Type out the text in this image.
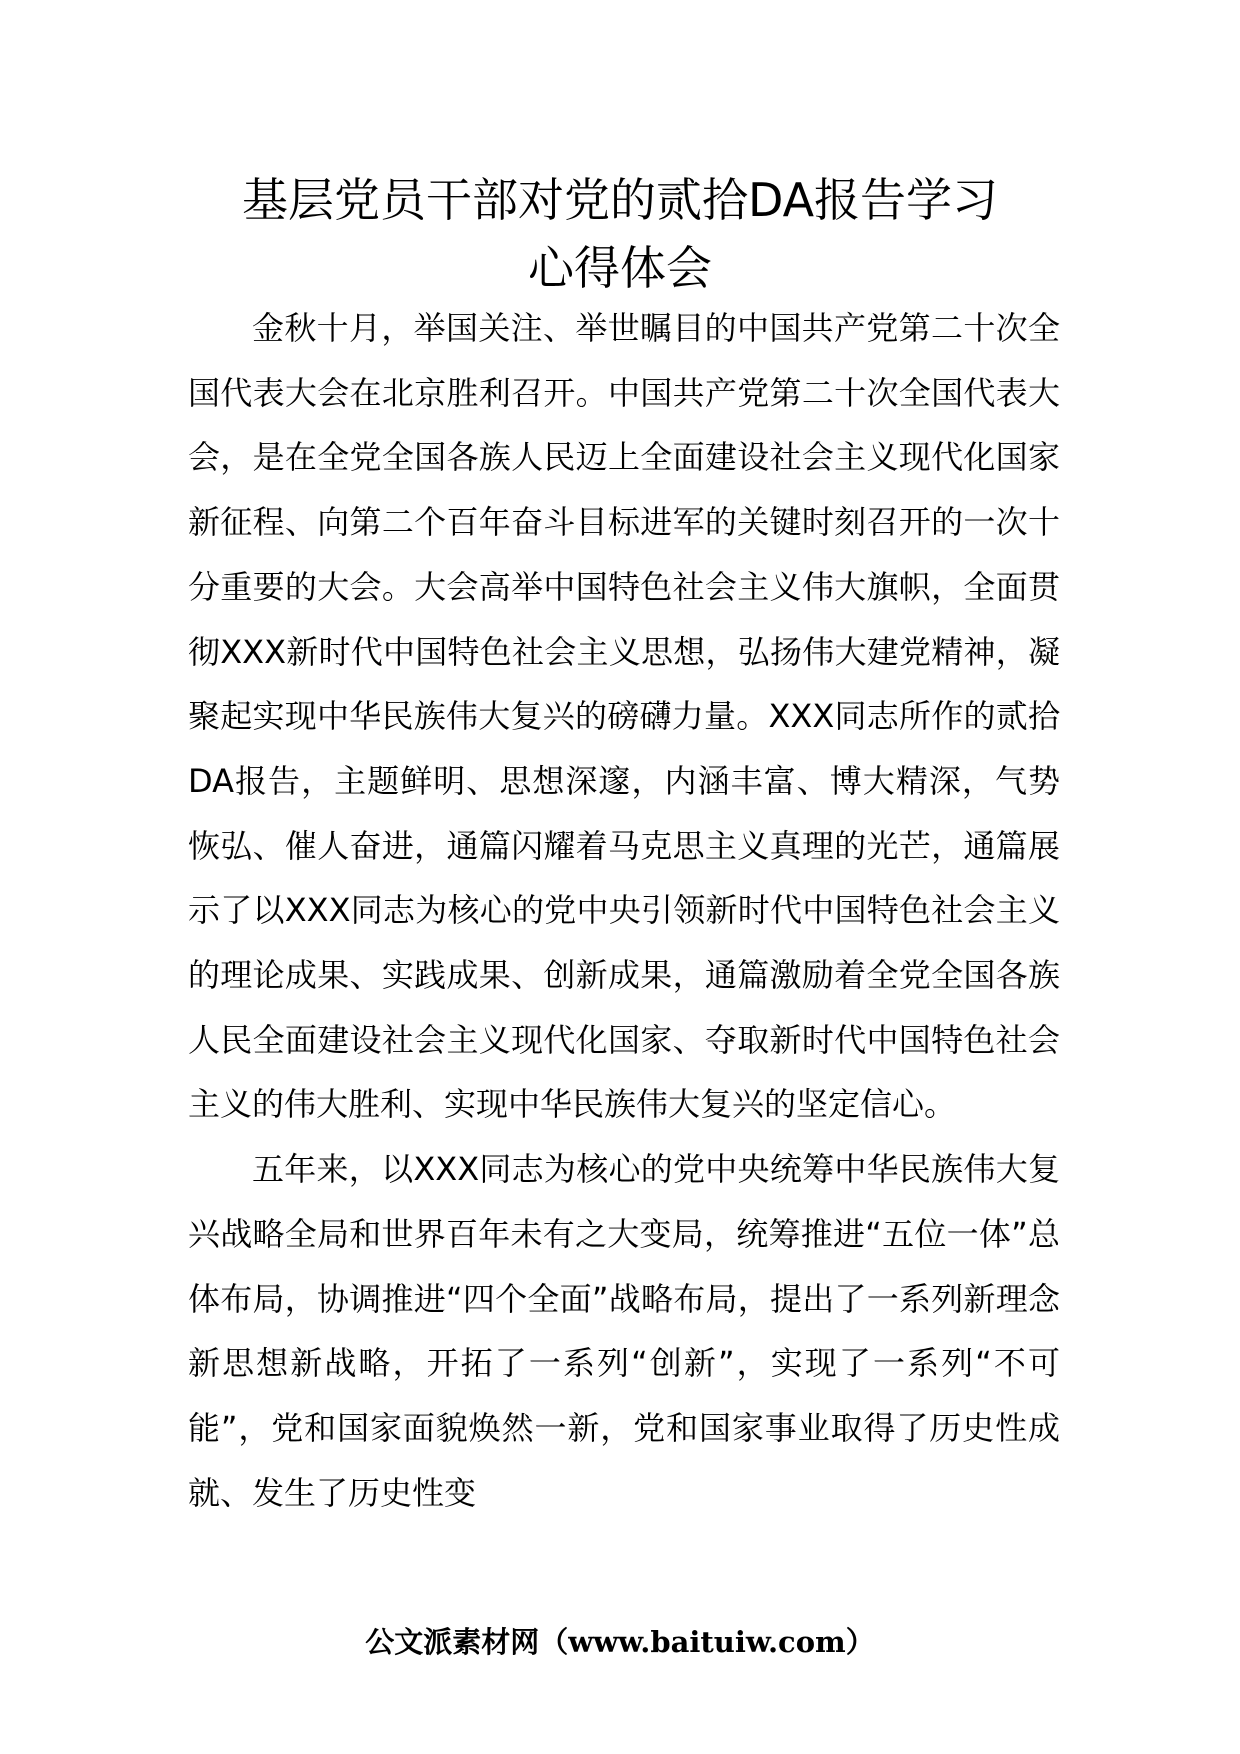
基层党员干部对党的贰拾DA报告学习
心得体会

金秋十月，举国关注、举世瞩目的中国共产党第二十次全国代表大会在北京胜利召开。中国共产党第二十次全国代表大会，是在全党全国各族人民迈上全面建设社会主义现代化国家新征程、向第二个百年奋斗目标进军的关键时刻召开的一次十分重要的大会。大会高举中国特色社会主义伟大旗帜，全面贯彻XXX新时代中国特色社会主义思想，弘扬伟大建党精神，凝聚起实现中华民族伟大复兴的磅礴力量。XXX同志所作的贰拾DA报告，主题鲜明、思想深邃，内涵丰富、博大精深，气势恢弘、催人奋进，通篇闪耀着马克思主义真理的光芒，通篇展示了以XXX同志为核心的党中央引领新时代中国特色社会主义的理论成果、实践成果、创新成果，通篇激励着全党全国各族人民全面建设社会主义现代化国家、夺取新时代中国特色社会主义的伟大胜利、实现中华民族伟大复兴的坚定信心。

五年来，以XXX同志为核心的党中央统筹中华民族伟大复兴战略全局和世界百年未有之大变局，统筹推进“五位一体”总体布局，协调推进“四个全面”战略布局，提出了一系列新理念新思想新战略，开拓了一系列“创新”，实现了一系列“不可能”，党和国家面貌焕然一新，党和国家事业取得了历史性成就、发生了历史性变

公文派素材网（www.baituiw.com）
